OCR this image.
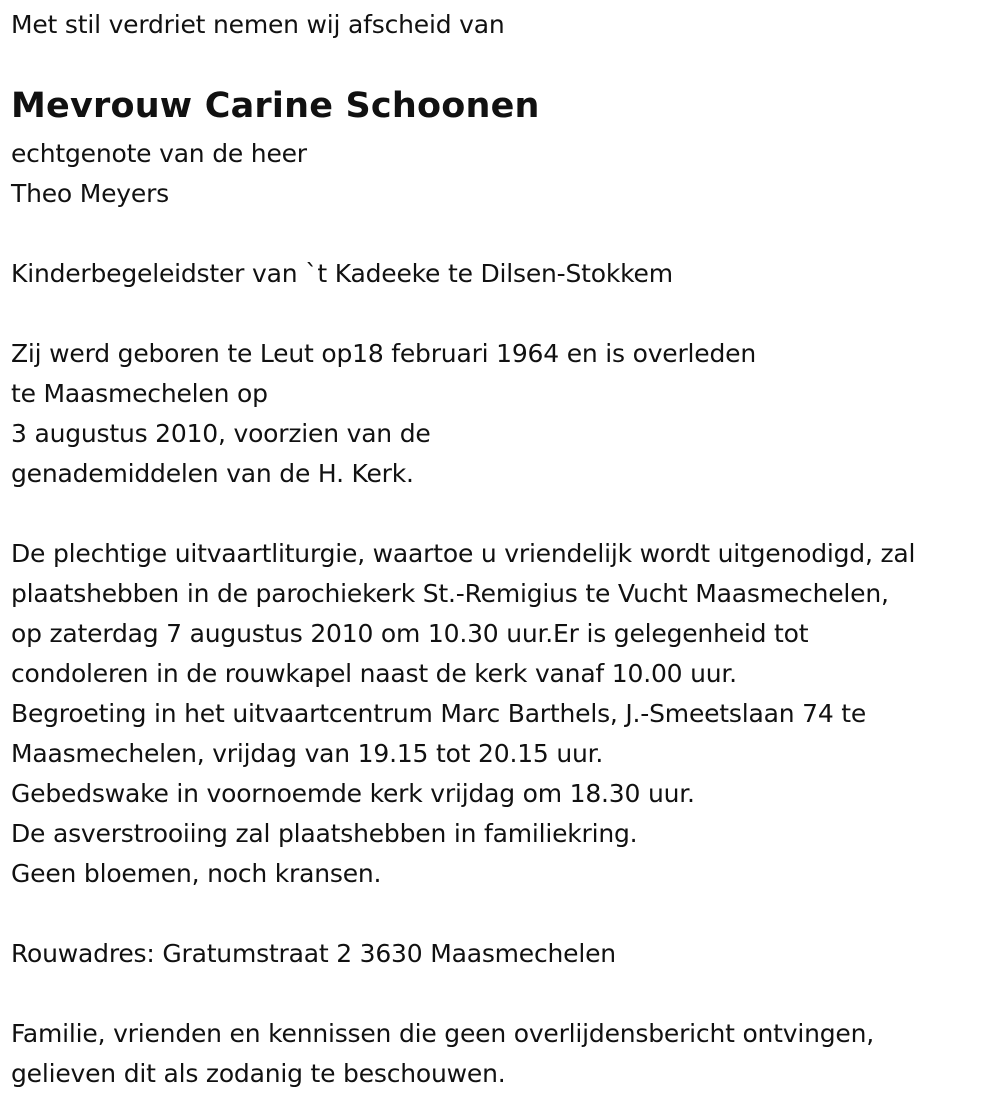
Met stil verdriet nemen wij afscheid van
Mevrouw Carine Schoonen
echtgenote van de heer
Theo Meyers
Kinderbegeleidster van `t Kadeeke te Dilsen-Stokkem
Zij werd geboren te Leut op18 februari 1964 en is overleden
te Maasmechelen op
3 augustus 2010, voorzien van de
genademiddelen van de H. Kerk.
De plechtige uitvaartliturgie, waartoe u vriendelijk wordt uitgenodigd, zal
plaatshebben in de parochiekerk St.-Remigius te Vucht Maasmechelen,
op zaterdag 7 augustus 2010 om 10.30 uur.Er is gelegenheid tot
condoleren in de rouwkapel naast de kerk vanaf 10.00 uur.
Begroeting in het uitvaartcentrum Marc Barthels, J.-Smeetslaan 74 te
Maasmechelen, vrijdag van 19.15 tot 20.15 uur.
Gebedswake in voornoemde kerk vrijdag om 18.30 uur.
De asverstrooiing zal plaatshebben in familiekring.
Geen bloemen, noch kransen.
Rouwadres: Gratumstraat 2 3630 Maasmechelen
Familie, vrienden en kennissen die geen overlijdensbericht ontvingen,
gelieven dit als zodanig te beschouwen.
